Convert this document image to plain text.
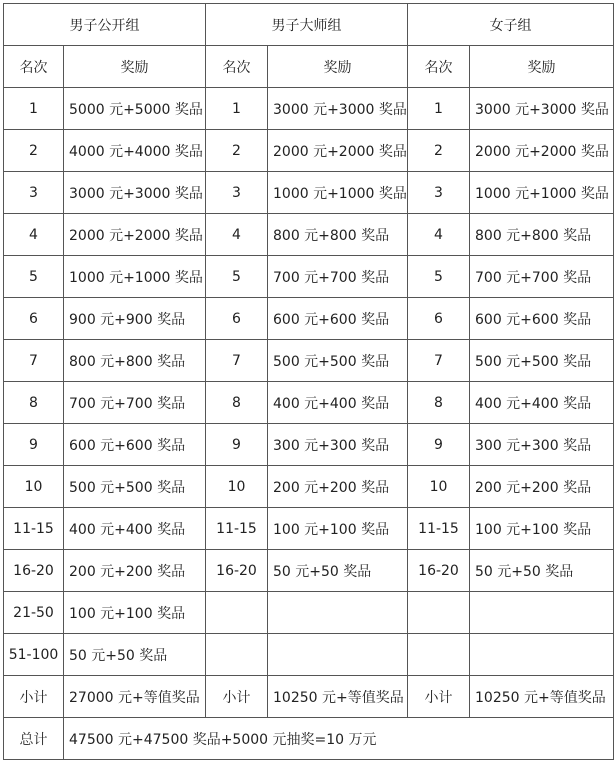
男子公开组		男子大师组		女子组	
名次	奖励	名次	奖励	名次	奖励
1	5000 元+5000 奖品	1	3000 元+3000 奖品	1	3000 元+3000 奖品
2	4000 元+4000 奖品	2	2000 元+2000 奖品	2	2000 元+2000 奖品
3	3000 元+3000 奖品	3	1000 元+1000 奖品	3	1000 元+1000 奖品
4	2000 元+2000 奖品	4	800 元+800 奖品	4	800 元+800 奖品
5	1000 元+1000 奖品	5	700 元+700 奖品	5	700 元+700 奖品
6	900 元+900 奖品	6	600 元+600 奖品	6	600 元+600 奖品
7	800 元+800 奖品	7	500 元+500 奖品	7	500 元+500 奖品
8	700 元+700 奖品	8	400 元+400 奖品	8	400 元+400 奖品
9	600 元+600 奖品	9	300 元+300 奖品	9	300 元+300 奖品
10	500 元+500 奖品	10	200 元+200 奖品	10	200 元+200 奖品
11-15	400 元+400 奖品	11-15	100 元+100 奖品	11-15	100 元+100 奖品
16-20	200 元+200 奖品	16-20	50 元+50 奖品	16-20	50 元+50 奖品
21-50	100 元+100 奖品				
51-100	50 元+50 奖品				
小计	27000 元+等值奖品	小计	10250 元+等值奖品	小计	10250 元+等值奖品
总计	47500 元+47500 奖品+5000 元抽奖=10 万元				
